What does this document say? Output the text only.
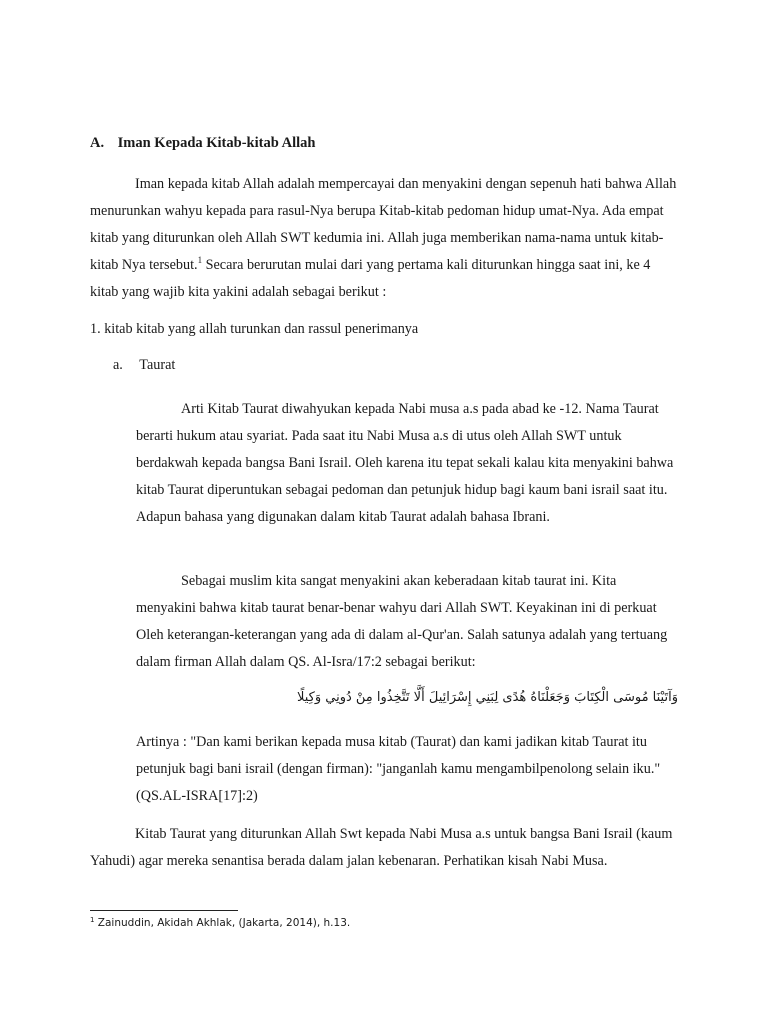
A. Iman Kepada Kitab-kitab Allah

Iman kepada kitab Allah adalah mempercayai dan menyakini dengan sepenuh hati bahwa Allah menurunkan wahyu kepada para rasul-Nya berupa Kitab-kitab pedoman hidup umat-Nya. Ada empat kitab yang diturunkan oleh Allah SWT kedumia ini. Allah juga memberikan nama-nama untuk kitab-kitab Nya tersebut.$^1$ Secara berurutan mulai dari yang pertama kali diturunkan hingga saat ini, ke 4 kitab yang wajib kita yakini adalah sebagai berikut :

1. kitab kitab yang allah turunkan dan rassul penerimanya

a. Taurat

Arti Kitab Taurat diwahyukan kepada Nabi musa a.s pada abad ke -12. Nama Taurat berarti hukum atau syariat. Pada saat itu Nabi Musa a.s di utus oleh Allah SWT untuk berdakwah kepada bangsa Bani Israil. Oleh karena itu tepat sekali kalau kita menyakini bahwa kitab Taurat diperuntukan sebagai pedoman dan petunjuk hidup bagi kaum bani israil saat itu. Adapun bahasa yang digunakan dalam kitab Taurat adalah bahasa Ibrani.

Sebagai muslim kita sangat menyakini akan keberadaan kitab taurat ini. Kita menyakini bahwa kitab taurat benar-benar wahyu dari Allah SWT. Keyakinan ini di perkuat Oleh keterangan-keterangan yang ada di dalam al-Qur'an. Salah satunya adalah yang tertuang dalam firman Allah dalam QS. Al-Isra/17:2 sebagai berikut:

وَآتَيْنَا مُوسَى الْكِتَابَ وَجَعَلْنَاهُ هُدًى لِبَنِي إِسْرَائِيلَ أَلَّا تَتَّخِذُوا مِنْ دُونِي وَكِيلًا

Artinya : "Dan kami berikan kepada musa kitab (Taurat) dan kami jadikan kitab Taurat itu petunjuk bagi bani israil (dengan firman): "janganlah kamu mengambilpenolong selain iku." (QS.AL-ISRA[17]:2)

Kitab Taurat yang diturunkan Allah Swt kepada Nabi Musa a.s untuk bangsa Bani Israil (kaum Yahudi) agar mereka senantisa berada dalam jalan kebenaran. Perhatikan kisah Nabi Musa.

$^1$ Zainuddin, Akidah Akhlak, (Jakarta, 2014), h.13.
